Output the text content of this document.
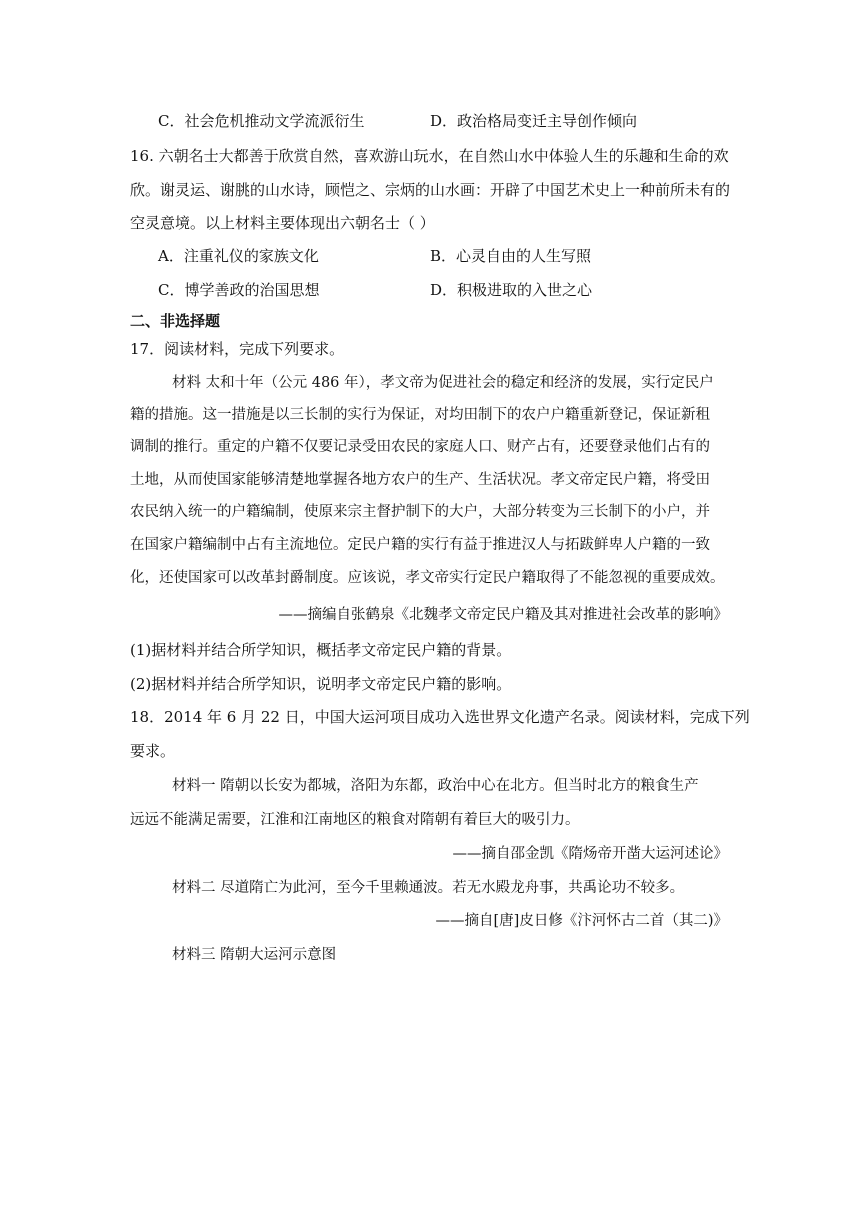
C．社会危机推动文学流派衍生	D．政治格局变迁主导创作倾向
16. 六朝名士大都善于欣赏自然，喜欢游山玩水，在自然山水中体验人生的乐趣和生命的欢
欣。谢灵运、谢朓的山水诗，顾恺之、宗炳的山水画：开辟了中国艺术史上一种前所未有的
空灵意境。以上材料主要体现出六朝名士（ ）
A．注重礼仪的家族文化	B．心灵自由的人生写照
C．博学善政的治国思想	D．积极进取的入世之心
二、非选择题
17．阅读材料，完成下列要求。
材料 太和十年（公元 486 年），孝文帝为促进社会的稳定和经济的发展，实行定民户
籍的措施。这一措施是以三长制的实行为保证，对均田制下的农户户籍重新登记，保证新租
调制的推行。重定的户籍不仅要记录受田农民的家庭人口、财产占有，还要登录他们占有的
土地，从而使国家能够清楚地掌握各地方农户的生产、生活状况。孝文帝定民户籍，将受田
农民纳入统一的户籍编制，使原来宗主督护制下的大户，大部分转变为三长制下的小户，并
在国家户籍编制中占有主流地位。定民户籍的实行有益于推进汉人与拓跋鲜卑人户籍的一致
化，还使国家可以改革封爵制度。应该说，孝文帝实行定民户籍取得了不能忽视的重要成效。
——摘编自张鹤泉《北魏孝文帝定民户籍及其对推进社会改革的影响》
(1)据材料并结合所学知识，概括孝文帝定民户籍的背景。
(2)据材料并结合所学知识，说明孝文帝定民户籍的影响。
18．2014 年 6 月 22 日，中国大运河项目成功入选世界文化遗产名录。阅读材料，完成下列
要求。
材料一 隋朝以长安为都城，洛阳为东都，政治中心在北方。但当时北方的粮食生产
远远不能满足需要，江淮和江南地区的粮食对隋朝有着巨大的吸引力。
——摘自邵金凯《隋炀帝开凿大运河述论》
材料二 尽道隋亡为此河，至今千里赖通波。若无水殿龙舟事，共禹论功不较多。
——摘自[唐]皮日修《汴河怀古二首（其二)》
材料三 隋朝大运河示意图
